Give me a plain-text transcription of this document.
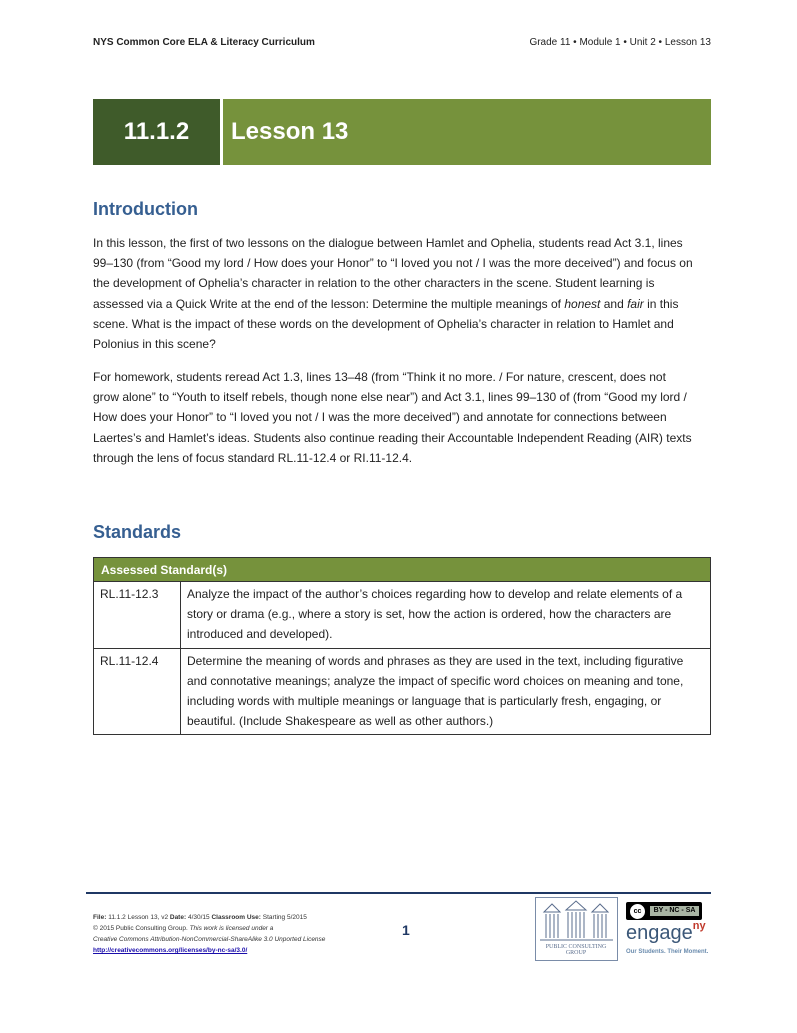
NYS Common Core ELA & Literacy Curriculum	Grade 11 • Module 1 • Unit 2 • Lesson 13
11.1.2	Lesson 13
Introduction

In this lesson, the first of two lessons on the dialogue between Hamlet and Ophelia, students read Act 3.1, lines 99–130 (from “Good my lord / How does your Honor” to “I loved you not / I was the more deceived”) and focus on the development of Ophelia’s character in relation to the other characters in the scene. Student learning is assessed via a Quick Write at the end of the lesson: Determine the multiple meanings of honest and fair in this scene. What is the impact of these words on the development of Ophelia’s character in relation to Hamlet and Polonius in this scene?

For homework, students reread Act 1.3, lines 13–48 (from “Think it no more. / For nature, crescent, does not grow alone” to “Youth to itself rebels, though none else near”) and Act 3.1, lines 99–130 of (from “Good my lord / How does your Honor” to “I loved you not / I was the more deceived”) and annotate for connections between Laertes’s and Hamlet’s ideas. Students also continue reading their Accountable Independent Reading (AIR) texts through the lens of focus standard RL.11-12.4 or RI.11-12.4.

Standards
Assessed Standard(s)	
RL.11-12.3	Analyze the impact of the author’s choices regarding how to develop and relate elements of a story or drama (e.g., where a story is set, how the action is ordered, how the characters are introduced and developed).
RL.11-12.4	Determine the meaning of words and phrases as they are used in the text, including figurative and connotative meanings; analyze the impact of specific word choices on meaning and tone, including words with multiple meanings or language that is particularly fresh, engaging, or beautiful. (Include Shakespeare as well as other authors.)
File: 11.1.2 Lesson 13, v2 Date: 4/30/15 Classroom Use: Starting 5/2015
© 2015 Public Consulting Group. This work is licensed under a
Creative Commons Attribution-NonCommercial-ShareAlike 3.0 Unported License
http://creativecommons.org/licenses/by-nc-sa/3.0/
1
PUBLIC CONSULTING
GROUP
cc	BY - NC - SA
engage$^{ny}$
Our Students. Their Moment.
